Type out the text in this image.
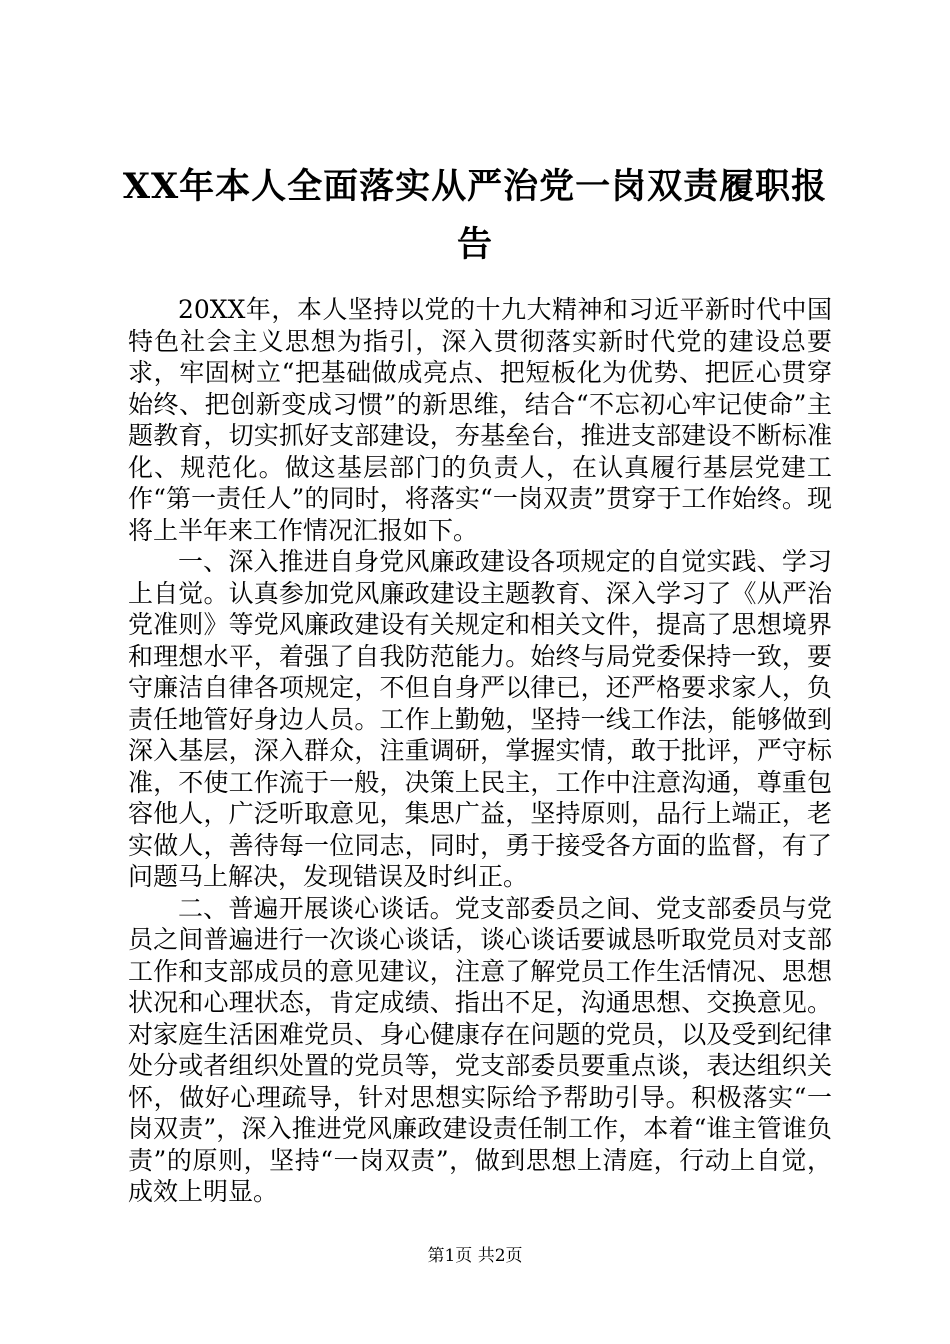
XX年本人全面落实从严治党一岗双责履职报告

20XX年，本人坚持以党的十九大精神和习近平新时代中国特色社会主义思想为指引，深入贯彻落实新时代党的建设总要求，牢固树立“把基础做成亮点、把短板化为优势、把匠心贯穿始终、把创新变成习惯”的新思维，结合“不忘初心牢记使命”主题教育，切实抓好支部建设，夯基垒台，推进支部建设不断标准化、规范化。做这基层部门的负责人，在认真履行基层党建工作“第一责任人”的同时，将落实“一岗双责”贯穿于工作始终。现将上半年来工作情况汇报如下。

一、深入推进自身党风廉政建设各项规定的自觉实践、学习上自觉。认真参加党风廉政建设主题教育、深入学习了《从严治党准则》等党风廉政建设有关规定和相关文件，提高了思想境界和理想水平，着强了自我防范能力。始终与局党委保持一致，要守廉洁自律各项规定，不但自身严以律已，还严格要求家人，负责任地管好身边人员。工作上勤勉，坚持一线工作法，能够做到深入基层，深入群众，注重调研，掌握实情，敢于批评，严守标准，不使工作流于一般，决策上民主，工作中注意沟通，尊重包容他人，广泛听取意见，集思广益，坚持原则，品行上端正，老实做人，善待每一位同志，同时，勇于接受各方面的监督，有了问题马上解决，发现错误及时纠正。

二、普遍开展谈心谈话。党支部委员之间、党支部委员与党员之间普遍进行一次谈心谈话，谈心谈话要诚恳听取党员对支部工作和支部成员的意见建议，注意了解党员工作生活情况、思想状况和心理状态，肯定成绩、指出不足，沟通思想、交换意见。对家庭生活困难党员、身心健康存在问题的党员，以及受到纪律处分或者组织处置的党员等，党支部委员要重点谈，表达组织关怀，做好心理疏导，针对思想实际给予帮助引导。积极落实“一岗双责”，深入推进党风廉政建设责任制工作，本着“谁主管谁负责”的原则，坚持“一岗双责”，做到思想上清庭，行动上自觉，成效上明显。

第1页 共2页
